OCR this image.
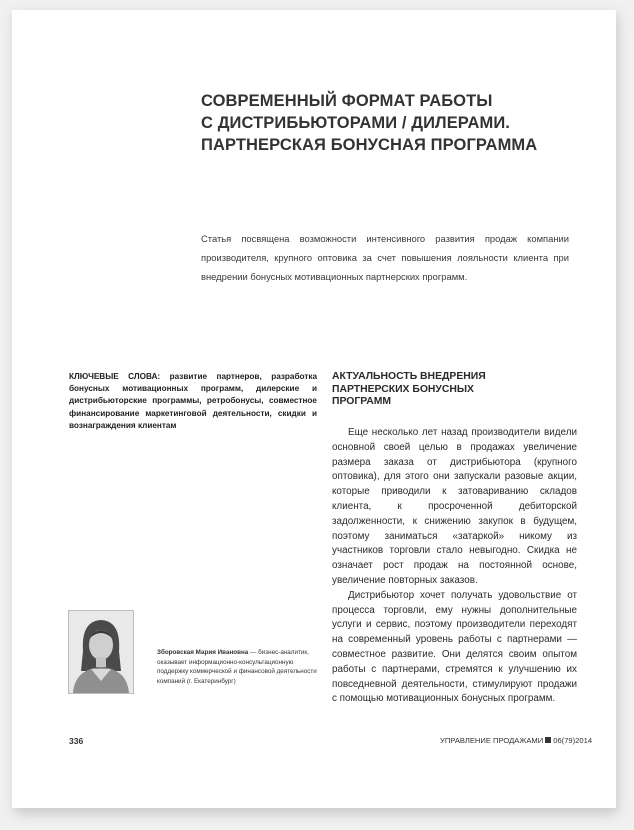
СОВРЕМЕННЫЙ ФОРМАТ РАБОТЫ
С ДИСТРИБЬЮТОРАМИ / ДИЛЕРАМИ.
ПАРТНЕРСКАЯ БОНУСНАЯ ПРОГРАММА
Статья посвящена возможности интенсивного развития продаж компании производителя, крупного оптовика за счет повышения лояльности клиента при внедрении бонусных мотивационных партнерских программ.
КЛЮЧЕВЫЕ СЛОВА: развитие партнеров, разработка бонусных мотивационных программ, дилерские и дистрибьюторские программы, ретробонусы, совместное финансирование маркетинговой деятельности, скидки и вознаграждения клиентам
АКТУАЛЬНОСТЬ ВНЕДРЕНИЯ
ПАРТНЕРСКИХ БОНУСНЫХ
ПРОГРАММ

Еще несколько лет назад производители видели основной своей целью в продажах увеличение размера заказа от дистрибьютора (крупного оптовика), для этого они запускали разовые акции, которые приводили к затовариванию складов клиента, к просроченной дебиторской задолженности, к снижению закупок в будущем, поэтому заниматься «затаркой» никому из участников торговли стало невыгодно. Скидка не означает рост продаж на постоянной основе, увеличение повторных заказов.

Дистрибьютор хочет получать удовольствие от процесса торговли, ему нужны дополнительные услуги и сервис, поэтому производители переходят на современный уровень работы с партнерами — совместное развитие. Они делятся своим опытом работы с партнерами, стремятся к улучшению их повседневной деятельности, стимулируют продажи с помощью мотивационных бонусных программ.

Зборовская Мария Ивановна — бизнес-аналитик, оказывает информационно-консультационную поддержку коммерческой и финансовой деятельности компаний (г. Екатеринбург)
336	УПРАВЛЕНИЕ ПРОДАЖАМИ 06(79)2014
